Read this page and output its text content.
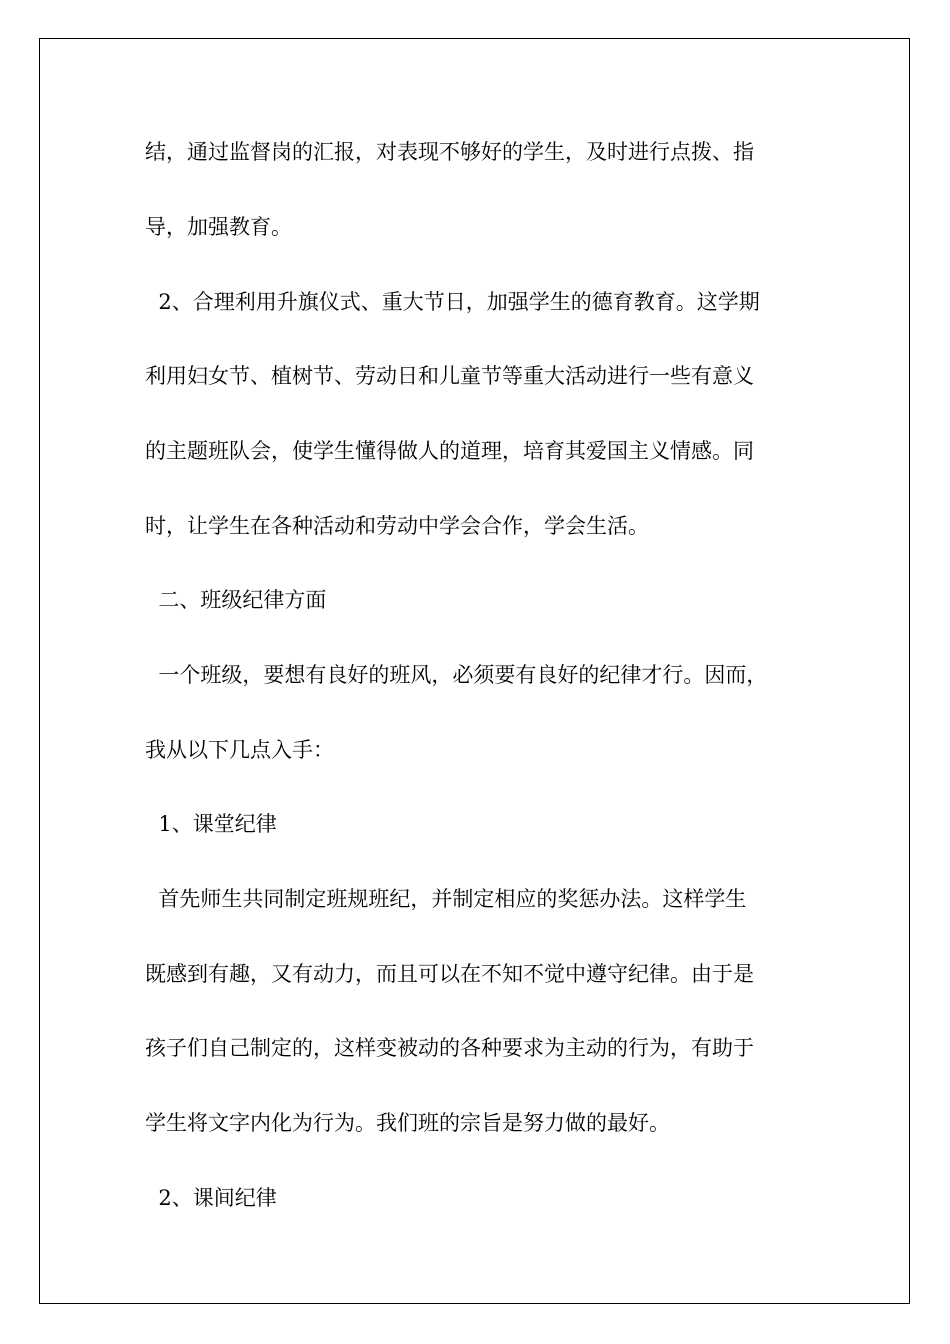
结，通过监督岗的汇报，对表现不够好的学生，及时进行点拨、指

导，加强教育。

2、合理利用升旗仪式、重大节日，加强学生的德育教育。这学期

利用妇女节、植树节、劳动日和儿童节等重大活动进行一些有意义

的主题班队会，使学生懂得做人的道理，培育其爱国主义情感。同

时，让学生在各种活动和劳动中学会合作，学会生活。

二、班级纪律方面

一个班级，要想有良好的班风，必须要有良好的纪律才行。因而，

我从以下几点入手：

1、课堂纪律

首先师生共同制定班规班纪，并制定相应的奖惩办法。这样学生

既感到有趣，又有动力，而且可以在不知不觉中遵守纪律。由于是

孩子们自己制定的，这样变被动的各种要求为主动的行为，有助于

学生将文字内化为行为。我们班的宗旨是努力做的最好。

2、课间纪律
